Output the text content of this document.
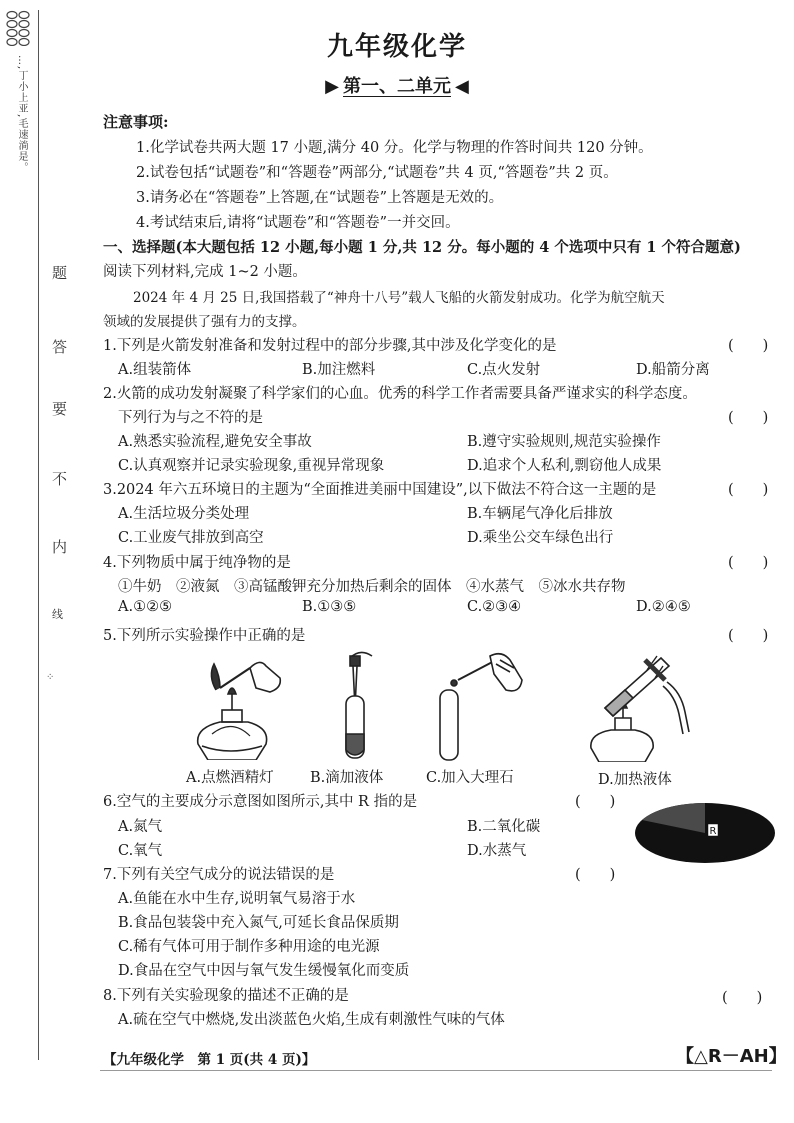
…,丁小上亚,毛速淌是。
题
答
要
不
内
线
⁘
九年级化学
▶ 第一、二单元 ◀
注意事项:
1.化学试卷共两大题 17 小题,满分 40 分。化学与物理的作答时间共 120 分钟。
2.试卷包括“试题卷”和“答题卷”两部分,“试题卷”共 4 页,“答题卷”共 2 页。
3.请务必在“答题卷”上答题,在“试题卷”上答题是无效的。
4.考试结束后,请将“试题卷”和“答题卷”一并交回。
一、选择题(本大题包括 12 小题,每小题 1 分,共 12 分。每小题的 4 个选项中只有 1 个符合题意)
阅读下列材料,完成 1~2 小题。
2024 年 4 月 25 日,我国搭载了“神舟十八号”载人飞船的火箭发射成功。化学为航空航天
领域的发展提供了强有力的支撑。
1.下列是火箭发射准备和发射过程中的部分步骤,其中涉及化学变化的是	(　　)
A.组装箭体	B.加注燃料	C.点火发射	D.船箭分离
2.火箭的成功发射凝聚了科学家们的心血。优秀的科学工作者需要具备严谨求实的科学态度。
下列行为与之不符的是	(　　)
A.熟悉实验流程,避免安全事故	B.遵守实验规则,规范实验操作
C.认真观察并记录实验现象,重视异常现象	D.追求个人私利,剽窃他人成果
3.2024 年六五环境日的主题为“全面推进美丽中国建设”,以下做法不符合这一主题的是	(　　)
A.生活垃圾分类处理	B.车辆尾气净化后排放
C.工业废气排放到高空	D.乘坐公交车绿色出行
4.下列物质中属于纯净物的是	(　　)
①牛奶　②液氮　③高锰酸钾充分加热后剩余的固体　④水蒸气　⑤冰水共存物
A.①②⑤	B.①③⑤	C.②③④	D.②④⑤
5.下列所示实验操作中正确的是	(　　)
A.点燃酒精灯	B.滴加液体	C.加入大理石	D.加热液体
6.空气的主要成分示意图如图所示,其中 R 指的是	(　　)
A.氮气	B.二氧化碳
C.氧气	D.水蒸气
R
7.下列有关空气成分的说法错误的是	(　　)
A.鱼能在水中生存,说明氧气易溶于水
B.食品包装袋中充入氮气,可延长食品保质期
C.稀有气体可用于制作多种用途的电光源
D.食品在空气中因与氧气发生缓慢氧化而变质
8.下列有关实验现象的描述不正确的是	(　　)
A.硫在空气中燃烧,发出淡蓝色火焰,生成有刺激性气味的气体
【九年级化学　第 1 页(共 4 页)】	【△R－AH】
